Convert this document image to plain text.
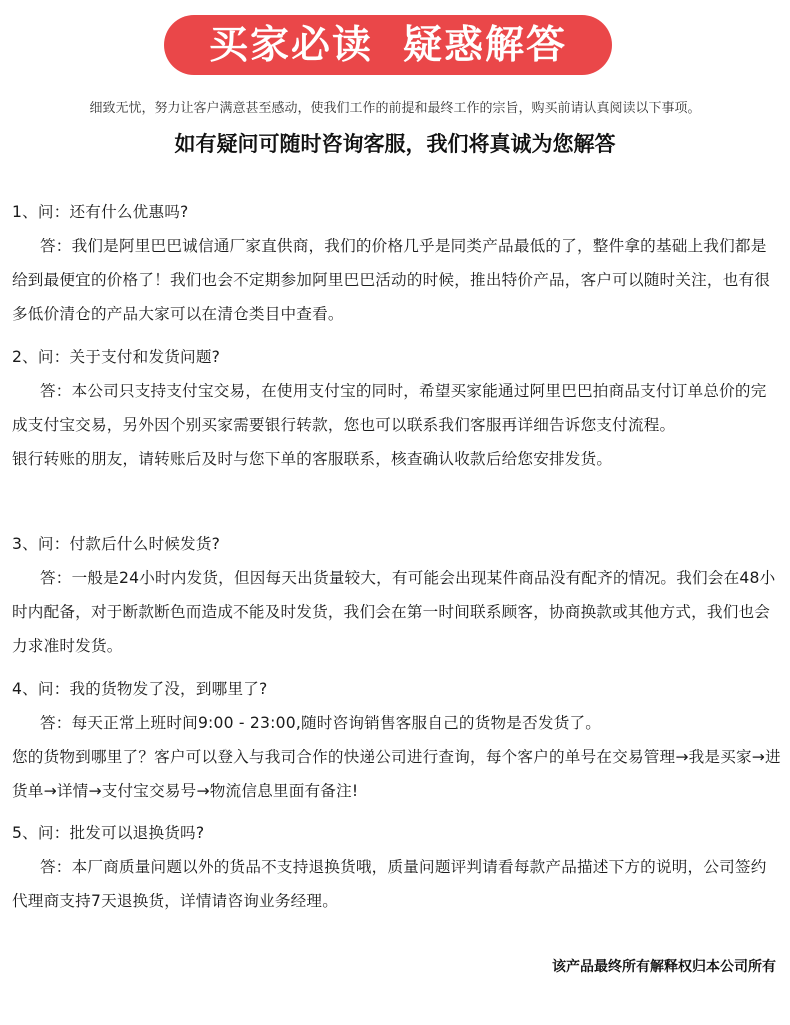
买家必读 疑惑解答
细致无忧，努力让客户满意甚至感动，使我们工作的前提和最终工作的宗旨，购买前请认真阅读以下事项。
如有疑问可随时咨询客服，我们将真诚为您解答

1、问：还有什么优惠吗?

答：我们是阿里巴巴诚信通厂家直供商，我们的价格几乎是同类产品最低的了，整件拿的基础上我们都是给到最便宜的价格了！我们也会不定期参加阿里巴巴活动的时候，推出特价产品，客户可以随时关注，也有很多低价清仓的产品大家可以在清仓类目中查看。

2、问：关于支付和发货问题?

答：本公司只支持支付宝交易，在使用支付宝的同时，希望买家能通过阿里巴巴拍商品支付订单总价的完成支付宝交易，另外因个别买家需要银行转款，您也可以联系我们客服再详细告诉您支付流程。

银行转账的朋友，请转账后及时与您下单的客服联系，核查确认收款后给您安排发货。

3、问：付款后什么时候发货?

答：一般是24小时内发货，但因每天出货量较大，有可能会出现某件商品没有配齐的情况。我们会在48小时内配备，对于断款断色而造成不能及时发货，我们会在第一时间联系顾客，协商换款或其他方式，我们也会力求准时发货。

4、问：我的货物发了没，到哪里了?

答：每天正常上班时间9:00 - 23:00,随时咨询销售客服自己的货物是否发货了。

您的货物到哪里了？客户可以登入与我司合作的快递公司进行查询，每个客户的单号在交易管理→我是买家→进货单→详情→支付宝交易号→物流信息里面有备注!

5、问：批发可以退换货吗?

答：本厂商质量问题以外的货品不支持退换货哦，质量问题评判请看每款产品描述下方的说明，公司签约代理商支持7天退换货，详情请咨询业务经理。

该产品最终所有解释权归本公司所有
